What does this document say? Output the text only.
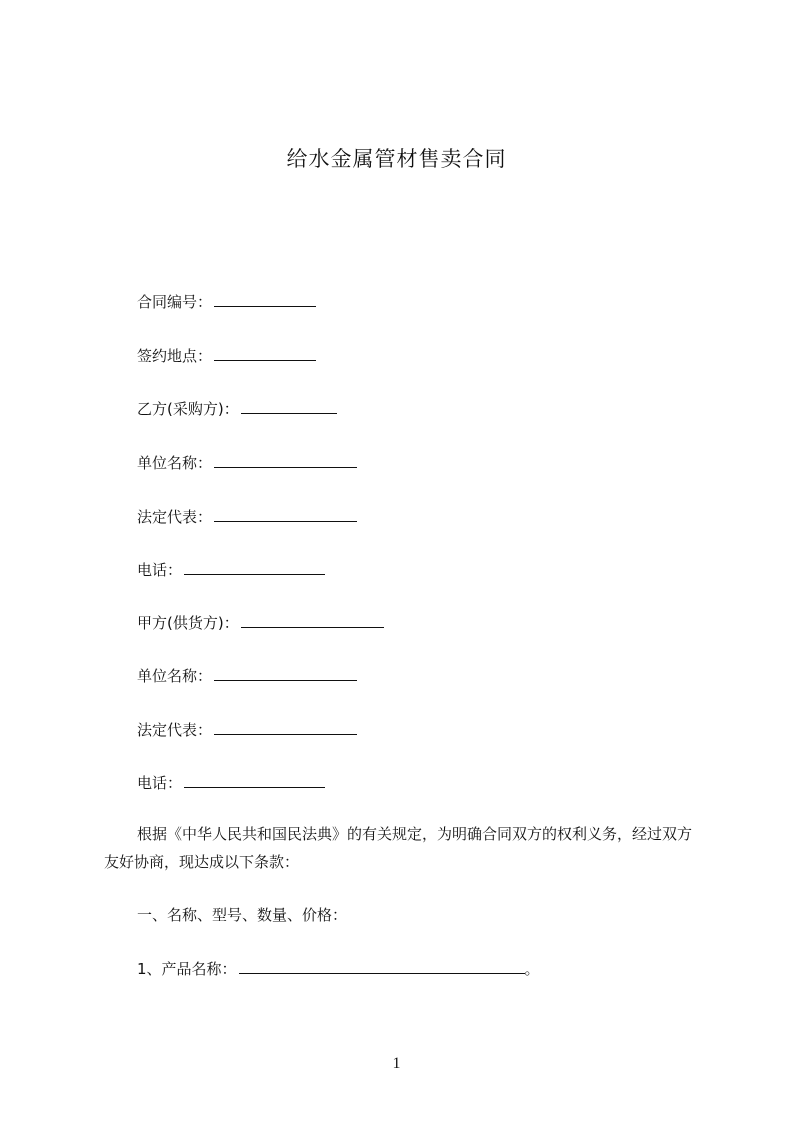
给水金属管材售卖合同
合同编号：
签约地点：
乙方(采购方)：
单位名称：
法定代表：
电话：
甲方(供货方)：
单位名称：
法定代表：
电话：
根据《中华人民共和国民法典》的有关规定，为明确合同双方的权利义务，经过双方友好协商，现达成以下条款：
一、名称、型号、数量、价格：
1、产品名称：	。
1
